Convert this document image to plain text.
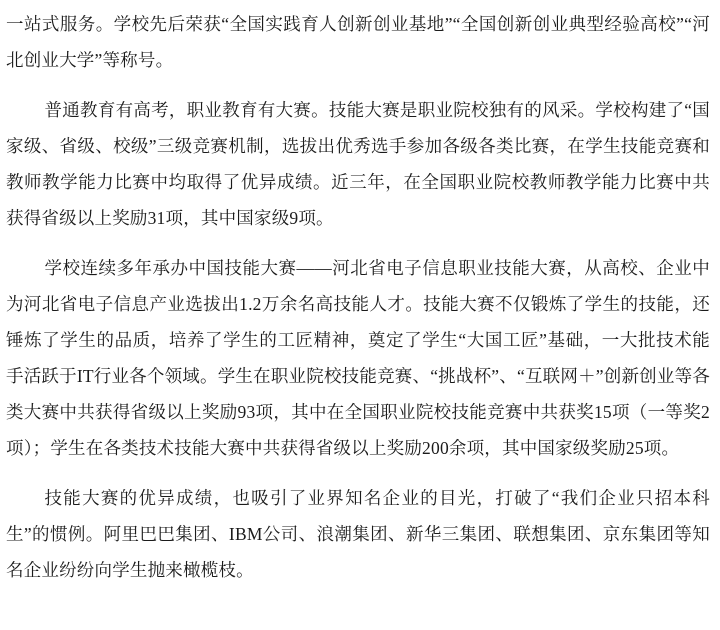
一站式服务。学校先后荣获“全国实践育人创新创业基地”“全国创新创业典型经验高校”“河北创业大学”等称号。

普通教育有高考，职业教育有大赛。技能大赛是职业院校独有的风采。学校构建了“国家级、省级、校级”三级竞赛机制，选拔出优秀选手参加各级各类比赛，在学生技能竞赛和教师教学能力比赛中均取得了优异成绩。近三年，在全国职业院校教师教学能力比赛中共获得省级以上奖励31项，其中国家级9项。

学校连续多年承办中国技能大赛——河北省电子信息职业技能大赛，从高校、企业中为河北省电子信息产业选拔出1.2万余名高技能人才。技能大赛不仅锻炼了学生的技能，还锤炼了学生的品质，培养了学生的工匠精神，奠定了学生“大国工匠”基础，一大批技术能手活跃于IT行业各个领域。学生在职业院校技能竞赛、“挑战杯”、“互联网＋”创新创业等各类大赛中共获得省级以上奖励93项，其中在全国职业院校技能竞赛中共获奖15项（一等奖2项）；学生在各类技术技能大赛中共获得省级以上奖励200余项，其中国家级奖励25项。

技能大赛的优异成绩，也吸引了业界知名企业的目光，打破了“我们企业只招本科生”的惯例。阿里巴巴集团、IBM公司、浪潮集团、新华三集团、联想集团、京东集团等知名企业纷纷向学生抛来橄榄枝。
